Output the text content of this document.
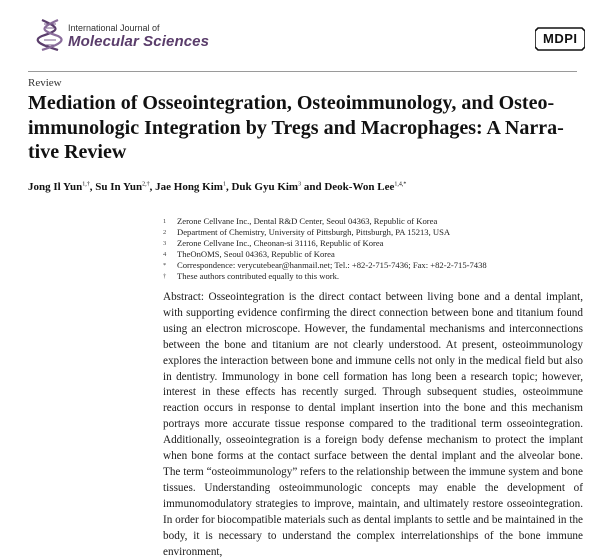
International Journal of
Molecular Sciences	MDPI
Review
Mediation of Osseointegration, Osteoimmunology, and Osteo-immunologic Integration by Tregs and Macrophages: A Narra-tive Review
Jong Il Yun$^{1,\dagger}$, Su In Yun$^{2,\dagger}$, Jae Hong Kim$^1$, Duk Gyu Kim$^3$ and Deok-Won Lee$^{1,4,*}$
1 Zerone Cellvane Inc., Dental R&D Center, Seoul 04363, Republic of Korea
2 Department of Chemistry, University of Pittsburgh, Pittsburgh, PA 15213, USA
3 Zerone Cellvane Inc., Cheonan-si 31116, Republic of Korea
4 TheOnOMS, Seoul 04363, Republic of Korea
* Correspondence: verycutebear@hanmail.net; Tel.: +82-2-715-7436; Fax: +82-2-715-7438
† These authors contributed equally to this work.

Abstract: Osseointegration is the direct contact between living bone and a dental implant, with supporting evidence confirming the direct connection between bone and titanium found using an electron microscope. However, the fundamental mechanisms and interconnections between the bone and titanium are not clearly understood. At present, osteoimmunology explores the interaction between bone and immune cells not only in the medical field but also in dentistry. Immunology in bone cell formation has long been a research topic; however, interest in these effects has recently surged. Through subsequent studies, osteoimmune reaction occurs in response to dental implant insertion into the bone and this mechanism portrays more accurate tissue response compared to the traditional term osseointegration. Additionally, osseointegration is a foreign body defense mechanism to protect the implant when bone forms at the contact surface between the dental implant and the alveolar bone. The term “osteoimmunology” refers to the relationship between the immune system and bone tissues. Understanding osteoimmunologic concepts may enable the development of immunomodulatory strategies to improve, maintain, and ultimately restore osseointegration. In order for biocompatible materials such as dental implants to settle and be maintained in the body, it is necessary to understand the complex interrelationships of the bone immune environment,
